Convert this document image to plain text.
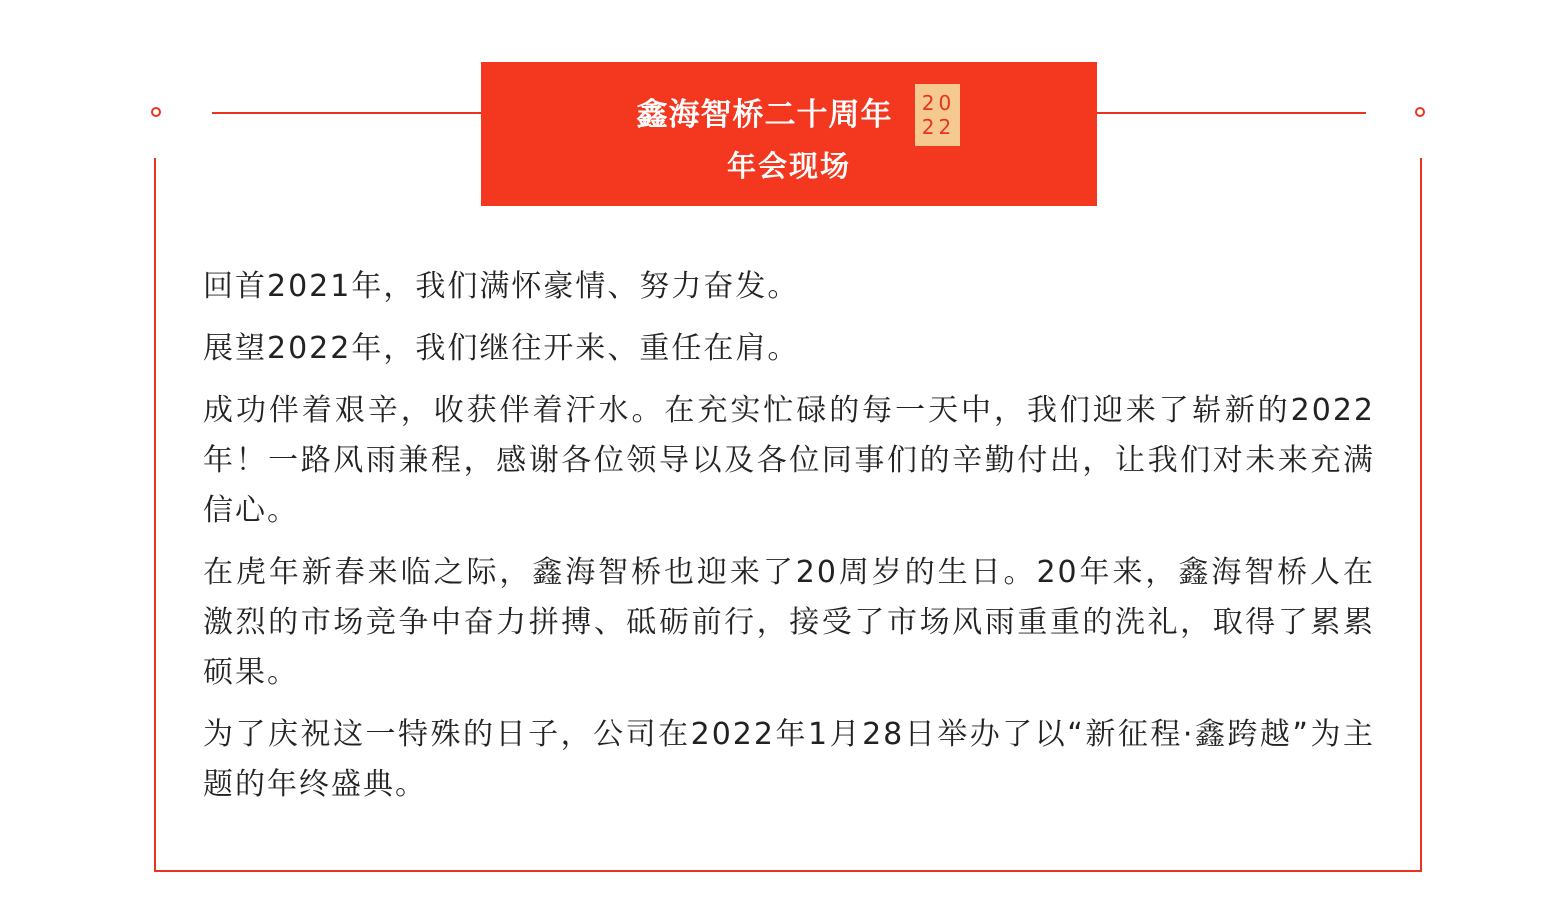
鑫海智桥二十周年	20
22
年会现场

回首2021年，我们满怀豪情、努力奋发。

展望2022年，我们继往开来、重任在肩。

成功伴着艰辛，收获伴着汗水。在充实忙碌的每一天中，我们迎来了崭新的2022年！一路风雨兼程，感谢各位领导以及各位同事们的辛勤付出，让我们对未来充满信心。

在虎年新春来临之际，鑫海智桥也迎来了20周岁的生日。20年来，鑫海智桥人在激烈的市场竞争中奋力拼搏、砥砺前行，接受了市场风雨重重的洗礼，取得了累累硕果。

为了庆祝这一特殊的日子，公司在2022年1月28日举办了以“新征程·鑫跨越”为主题的年终盛典。
